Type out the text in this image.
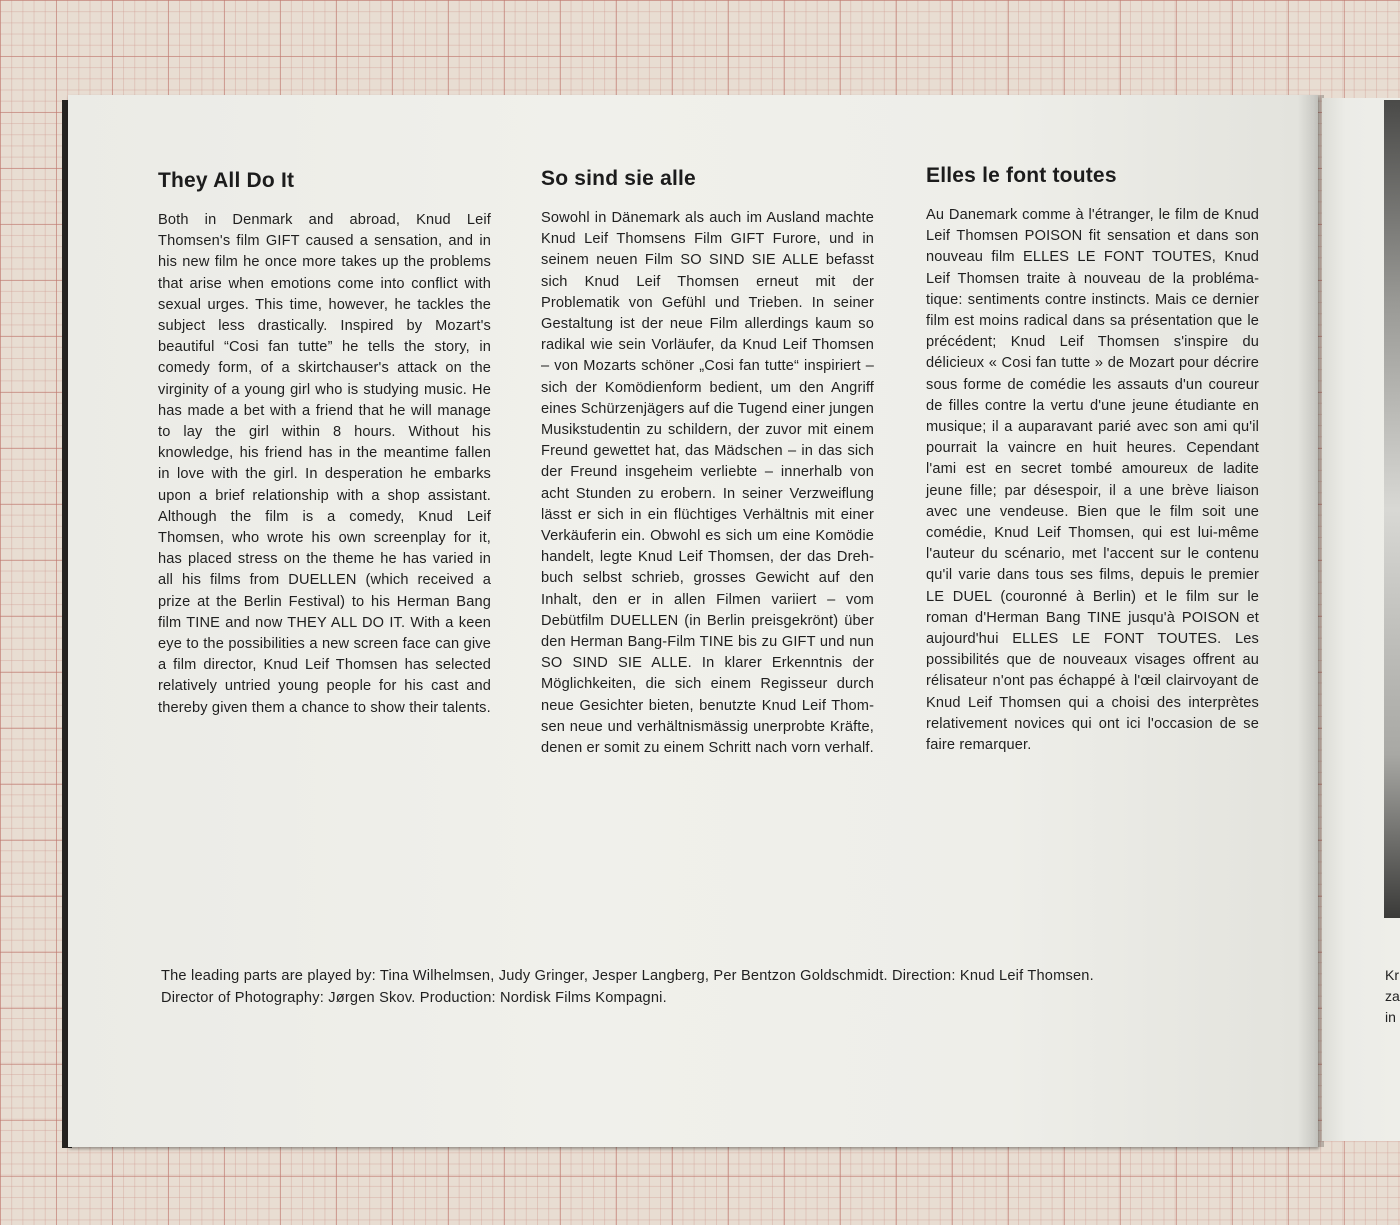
Kr
za
in
They All Do It

Both in Denmark and abroad, Knud Leif Thomsen's film GIFT caused a sensation, and in his new film he once more takes up the problems that arise when emotions come into conflict with sexual urges. This time, however, he tackles the subject less drastically. Inspired by Mozart's beautiful “Cosi fan tutte” he tells the story, in comedy form, of a skirtchauser's attack on the virginity of a young girl who is studying music. He has made a bet with a friend that he will manage to lay the girl within 8 hours. Without his knowledge, his friend has in the meantime fallen in love with the girl. In desperation he embarks upon a brief relationship with a shop assistant. Although the film is a comedy, Knud Leif Thomsen, who wrote his own screenplay for it, has placed stress on the theme he has varied in all his films from DUELLEN (which received a prize at the Berlin Festival) to his Herman Bang film TINE and now THEY ALL DO IT. With a keen eye to the possibilities a new screen face can give a film director, Knud Leif Thomsen has selected relatively untried young people for his cast and thereby given them a chance to show their talents.

So sind sie alle

Sowohl in Dänemark als auch im Ausland machte Knud Leif Thomsens Film GIFT Furore, und in seinem neuen Film SO SIND SIE ALLE befasst sich Knud Leif Thomsen erneut mit der Problematik von Gefühl und Trieben. In seiner Gestaltung ist der neue Film allerdings kaum so radikal wie sein Vorläufer, da Knud Leif Thomsen – von Mozarts schöner „Cosi fan tutte“ inspiriert – sich der Komödienform bedient, um den Angriff eines Schürzenjägers auf die Tugend einer jungen Musikstudentin zu schildern, der zuvor mit einem Freund gewettet hat, das Mädschen – in das sich der Freund insgeheim verliebte – innerhalb von acht Stunden zu erobern. In seiner Verzweiflung lässt er sich in ein flüchtiges Verhältnis mit einer Verkäuferin ein. Obwohl es sich um eine Komödie handelt, legte Knud Leif Thomsen, der das Drehbuch selbst schrieb, grosses Gewicht auf den Inhalt, den er in allen Filmen variiert – vom Debütfilm DUELLEN (in Berlin preisgekrönt) über den Herman Bang-Film TINE bis zu GIFT und nun SO SIND SIE ALLE. In klarer Erkenntnis der Möglichkeiten, die sich einem Regisseur durch neue Gesichter bieten, benutzte Knud Leif Thomsen neue und verhältnismässig unerprobte Kräfte, denen er somit zu einem Schritt nach vorn verhalf.

Elles le font toutes

Au Danemark comme à l'étranger, le film de Knud Leif Thomsen POISON fit sensation et dans son nouveau film ELLES LE FONT TOUTES, Knud Leif Thomsen traite à nouveau de la problématique: sentiments contre instincts. Mais ce dernier film est moins radical dans sa présentation que le précédent; Knud Leif Thomsen s'inspire du délicieux « Cosi fan tutte » de Mozart pour décrire sous forme de comédie les assauts d'un coureur de filles contre la vertu d'une jeune étudiante en musique; il a auparavant parié avec son ami qu'il pourrait la vaincre en huit heures. Cependant l'ami est en secret tombé amoureux de ladite jeune fille; par désespoir, il a une brève liaison avec une vendeuse. Bien que le film soit une comédie, Knud Leif Thomsen, qui est lui-même l'auteur du scénario, met l'accent sur le contenu qu'il varie dans tous ses films, depuis le premier LE DUEL (couronné à Berlin) et le film sur le roman d'Herman Bang TINE jusqu'à POISON et aujourd'hui ELLES LE FONT TOUTES. Les possibilités que de nouveaux visages offrent au rélisateur n'ont pas échappé à l'œil clairvoyant de Knud Leif Thomsen qui a choisi des interprètes relativement novices qui ont ici l'occasion de se faire remarquer.

The leading parts are played by: Tina Wilhelmsen, Judy Gringer, Jesper Langberg, Per Bentzon Goldschmidt. Direction: Knud Leif Thomsen.
Director of Photography: Jørgen Skov. Production: Nordisk Films Kompagni.
